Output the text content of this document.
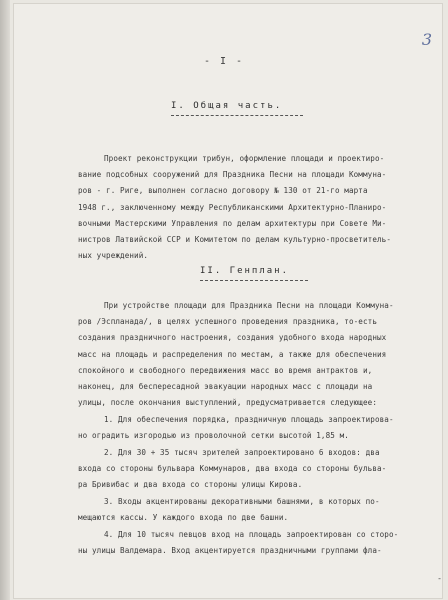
3
- I -
I. Общая часть.
Проект реконструкции трибун, оформление площади и проектиро-
вание подсобных сооружений для Праздника Песни на площади Коммуна-
ров - г. Риге, выполнен согласно договору № 130 от 21-го марта
1948 г., заключенному между Республиканскими Архитектурно-Планиро-
вочными Мастерскими Управления по делам архитектуры при Совете Ми-
нистров Латвийской ССР и Комитетом по делам культурно-просветитель-
ных учреждений.
II. Генплан.
При устройстве площади для Праздника Песни на площади Коммуна-
ров /Эспланада/, в целях успешного проведения праздника, то-есть
создания праздничного настроения, создания удобного входа народных
масс на площадь и распределения по местам, а также для обеспечения
спокойного и свободного передвижения масс во время антрактов и,
наконец, для беспересадной эвакуации народных масс с площади на
улицы, после окончания выступлений, предусматривается следующее:
1. Для обеспечения порядка, праздничную площадь запроектирова-
но оградить изгородью из проволочной сетки высотой 1,85 м.
2. Для 30 + 35 тысяч зрителей запроектировано 6 входов: два
входа со стороны бульвара Коммунаров, два входа со стороны бульва-
ра Бривибас и два входа со стороны улицы Кирова.
3. Входы акцентированы декоративными башнями, в которых по-
мещаются кассы. У каждого входа по две башни.
4. Для 10 тысяч певцов вход на площадь запроектирован со сторо-
ны улицы Валдемара. Вход акцентируется праздничными группами фла-
-
